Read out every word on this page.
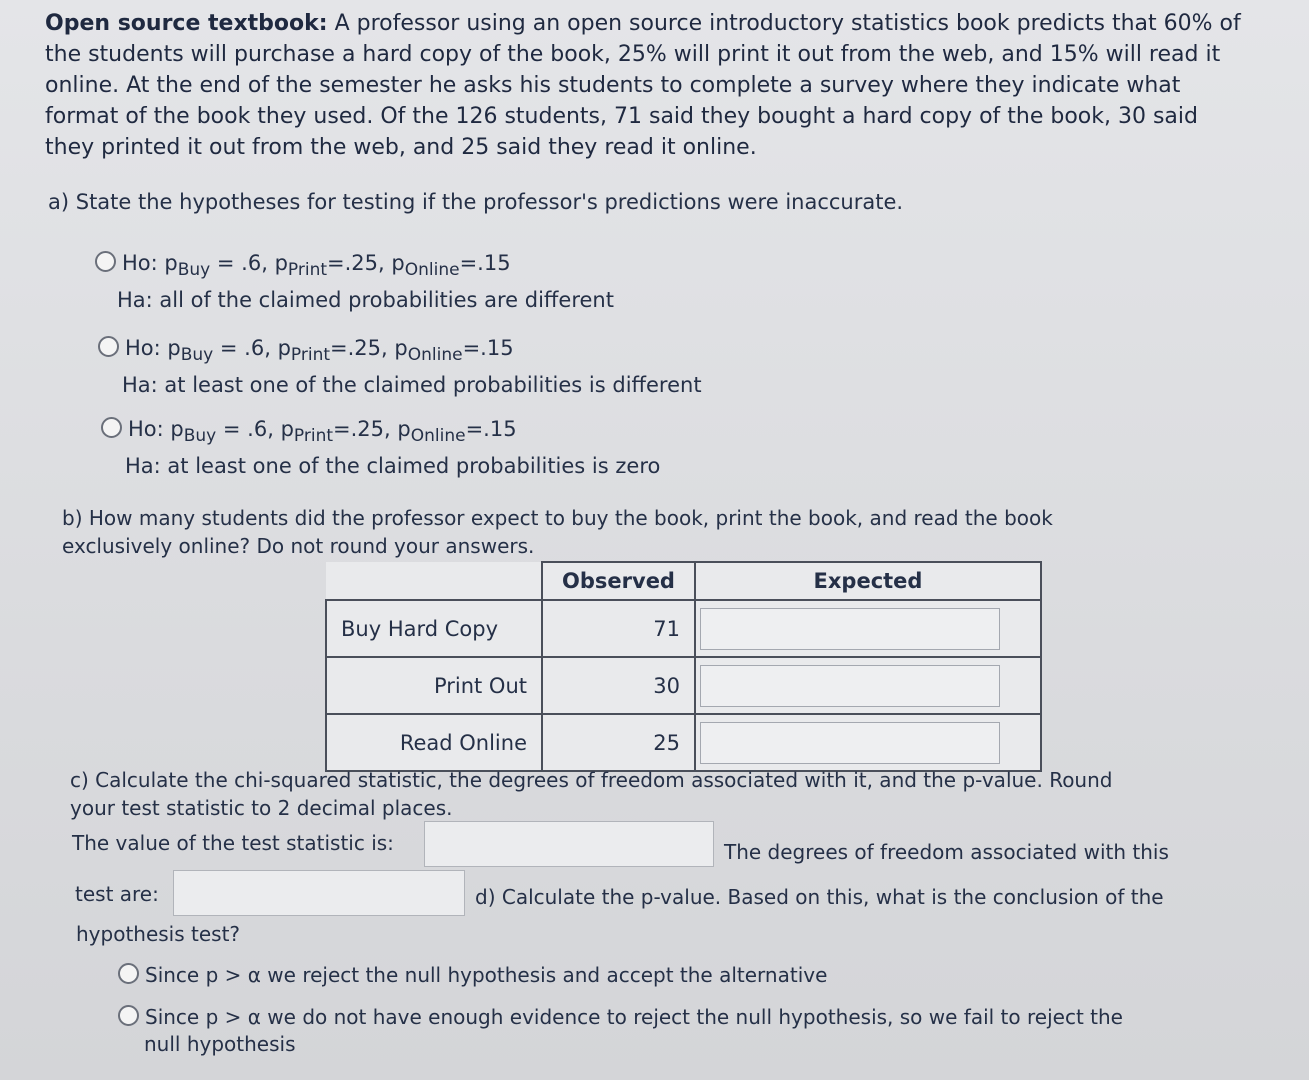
Open source textbook: A professor using an open source introductory statistics book predicts that 60% of
the students will purchase a hard copy of the book, 25% will print it out from the web, and 15% will read it
online. At the end of the semester he asks his students to complete a survey where they indicate what
format of the book they used. Of the 126 students, 71 said they bought a hard copy of the book, 30 said
they printed it out from the web, and 25 said they read it online.
a) State the hypotheses for testing if the professor's predictions were inaccurate.
Ho: $p_{Buy} = .6$, $p_{Print}=.25$, $p_{Online}=.15$
Ha: all of the claimed probabilities are different
Ho: $p_{Buy} = .6$, $p_{Print}=.25$, $p_{Online}=.15$
Ha: at least one of the claimed probabilities is different
Ho: $p_{Buy} = .6$, $p_{Print}=.25$, $p_{Online}=.15$
Ha: at least one of the claimed probabilities is zero
b) How many students did the professor expect to buy the book, print the book, and read the book
exclusively online? Do not round your answers.
	Observed	Expected
Buy Hard Copy	71	

Print Out	30	

Read Online	25	
c) Calculate the chi-squared statistic, the degrees of freedom associated with it, and the p-value. Round
your test statistic to 2 decimal places.
The value of the test statistic is:	The degrees of freedom associated with this
test are:	d) Calculate the p-value. Based on this, what is the conclusion of the
hypothesis test?
Since p > α we reject the null hypothesis and accept the alternative
Since p > α we do not have enough evidence to reject the null hypothesis, so we fail to reject the
null hypothesis
